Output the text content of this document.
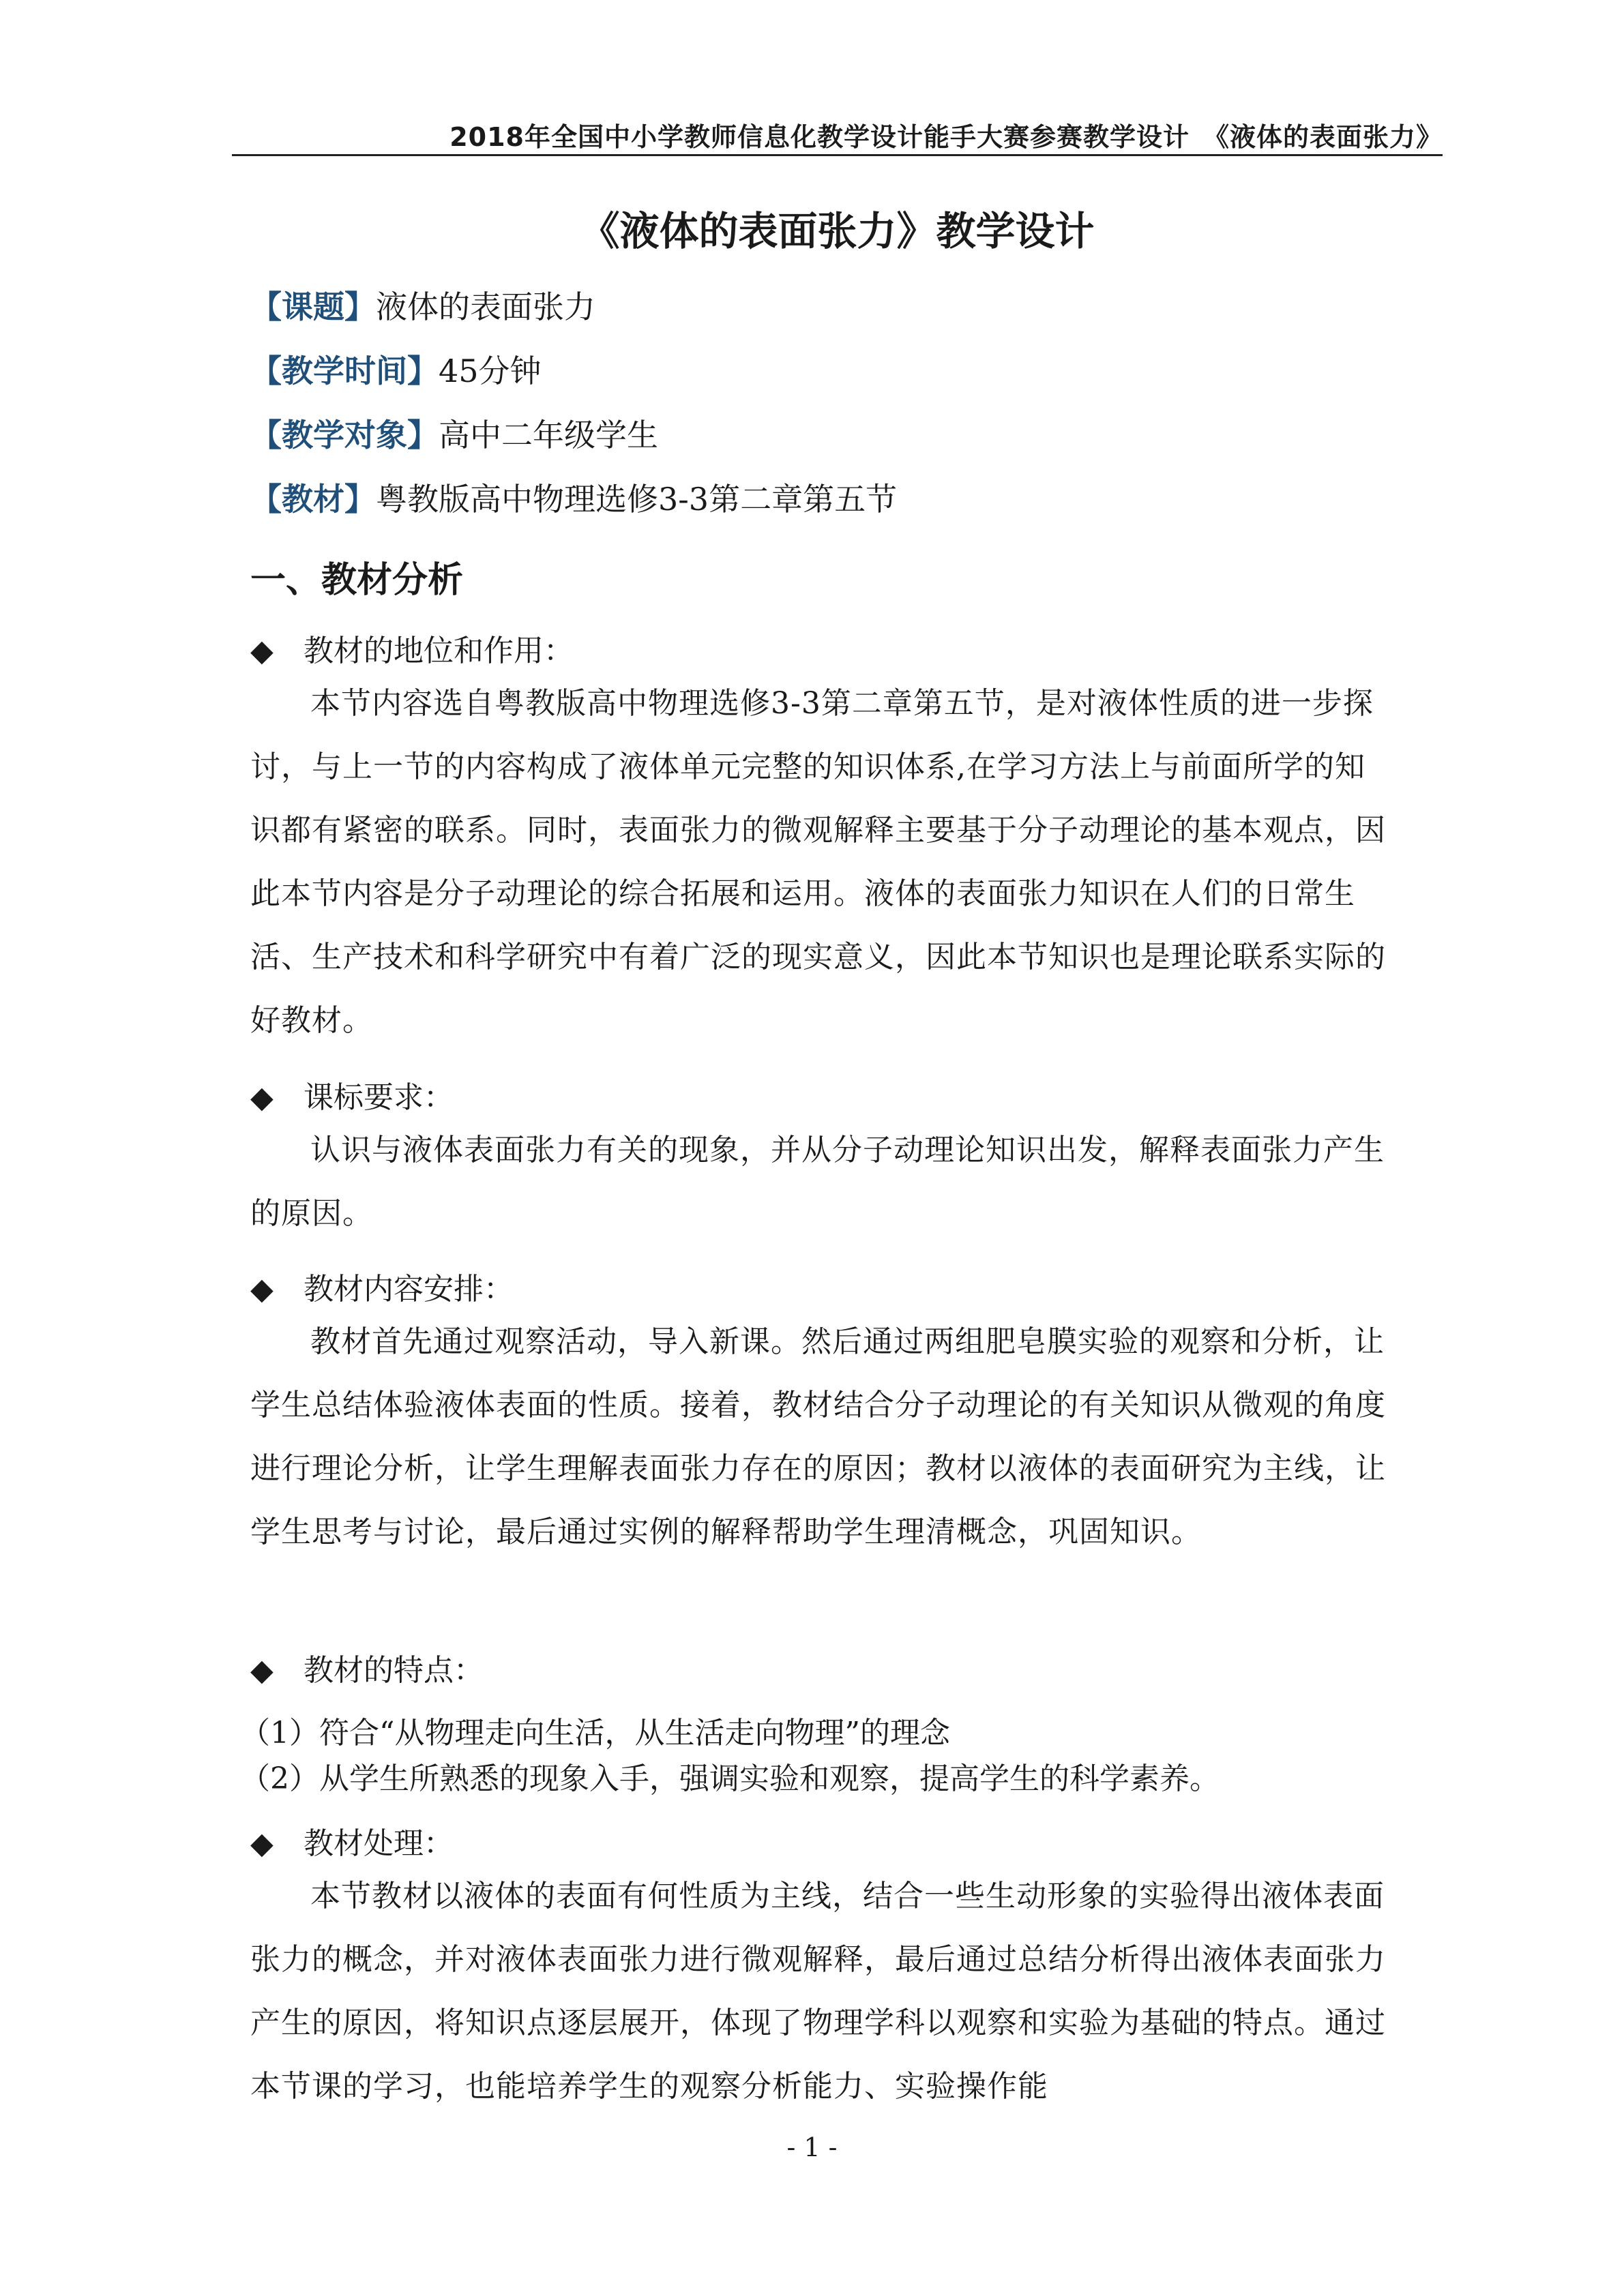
2018年全国中小学教师信息化教学设计能手大赛参赛教学设计　《液体的表面张力》
《液体的表面张力》教学设计
【课题】液体的表面张力
【教学时间】45分钟
【教学对象】高中二年级学生
【教材】粤教版高中物理选修3-3第二章第五节
一、教材分析
◆ 教材的地位和作用：

本节内容选自粤教版高中物理选修3-3第二章第五节，是对液体性质的进一步探讨，与上一节的内容构成了液体单元完整的知识体系,在学习方法上与前面所学的知识都有紧密的联系。同时，表面张力的微观解释主要基于分子动理论的基本观点，因此本节内容是分子动理论的综合拓展和运用。液体的表面张力知识在人们的日常生活、生产技术和科学研究中有着广泛的现实意义，因此本节知识也是理论联系实际的好教材。

◆ 课标要求：

认识与液体表面张力有关的现象，并从分子动理论知识出发，解释表面张力产生的原因。

◆ 教材内容安排：

教材首先通过观察活动，导入新课。然后通过两组肥皂膜实验的观察和分析，让学生总结体验液体表面的性质。接着，教材结合分子动理论的有关知识从微观的角度进行理论分析，让学生理解表面张力存在的原因；教材以液体的表面研究为主线，让学生思考与讨论，最后通过实例的解释帮助学生理清概念，巩固知识。

◆ 教材的特点：
（1）符合“从物理走向生活，从生活走向物理”的理念
（2）从学生所熟悉的现象入手，强调实验和观察，提高学生的科学素养。
◆ 教材处理：

本节教材以液体的表面有何性质为主线，结合一些生动形象的实验得出液体表面张力的概念，并对液体表面张力进行微观解释，最后通过总结分析得出液体表面张力产生的原因，将知识点逐层展开，体现了物理学科以观察和实验为基础的特点。通过本节课的学习，也能培养学生的观察分析能力、实验操作能

- 1 -
